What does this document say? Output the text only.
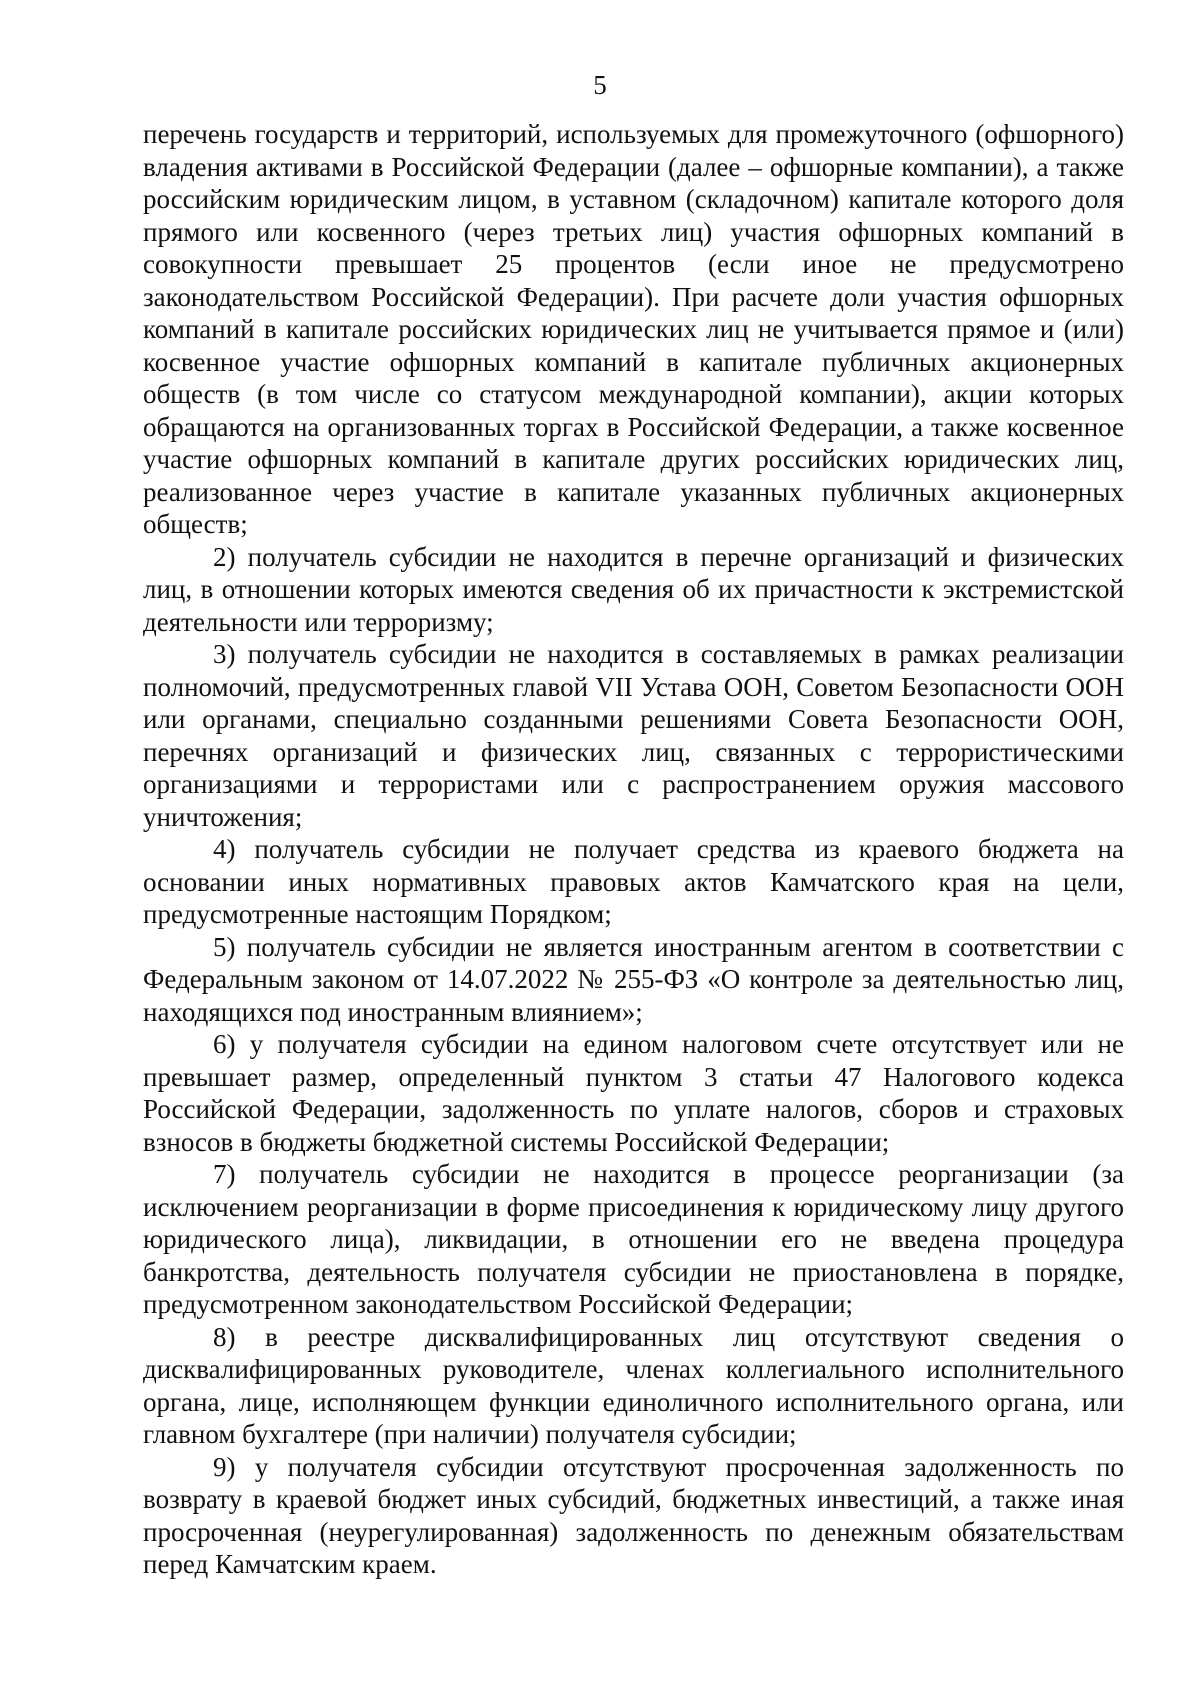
5

перечень государств и территорий, используемых для промежуточного (офшорного) владения активами в Российской Федерации (далее – офшорные компании), а также российским юридическим лицом, в уставном (складочном) капитале которого доля прямого или косвенного (через третьих лиц) участия офшорных компаний в совокупности превышает 25 процентов (если иное не предусмотрено законодательством Российской Федерации). При расчете доли участия офшорных компаний в капитале российских юридических лиц не учитывается прямое и (или) косвенное участие офшорных компаний в капитале публичных акционерных обществ (в том числе со статусом международной компании), акции которых обращаются на организованных торгах в Российской Федерации, а также косвенное участие офшорных компаний в капитале других российских юридических лиц, реализованное через участие в капитале указанных публичных акционерных обществ;

2) получатель субсидии не находится в перечне организаций и физических лиц, в отношении которых имеются сведения об их причастности к экстремистской деятельности или терроризму;

3) получатель субсидии не находится в составляемых в рамках реализации полномочий, предусмотренных главой VII Устава ООН, Советом Безопасности ООН или органами, специально созданными решениями Совета Безопасности ООН, перечнях организаций и физических лиц, связанных с террористическими организациями и террористами или с распространением оружия массового уничтожения;

4) получатель субсидии не получает средства из краевого бюджета на основании иных нормативных правовых актов Камчатского края на цели, предусмотренные настоящим Порядком;

5) получатель субсидии не является иностранным агентом в соответствии с Федеральным законом от 14.07.2022 № 255-ФЗ «О контроле за деятельностью лиц, находящихся под иностранным влиянием»;

6) у получателя субсидии на едином налоговом счете отсутствует или не превышает размер, определенный пунктом 3 статьи 47 Налогового кодекса Российской Федерации, задолженность по уплате налогов, сборов и страховых взносов в бюджеты бюджетной системы Российской Федерации;

7) получатель субсидии не находится в процессе реорганизации (за исключением реорганизации в форме присоединения к юридическому лицу другого юридического лица), ликвидации, в отношении его не введена процедура банкротства, деятельность получателя субсидии не приостановлена в порядке, предусмотренном законодательством Российской Федерации;

8) в реестре дисквалифицированных лиц отсутствуют сведения о дисквалифицированных руководителе, членах коллегиального исполнительного органа, лице, исполняющем функции единоличного исполнительного органа, или главном бухгалтере (при наличии) получателя субсидии;

9) у получателя субсидии отсутствуют просроченная задолженность по возврату в краевой бюджет иных субсидий, бюджетных инвестиций, а также иная просроченная (неурегулированная) задолженность по денежным обязательствам перед Камчатским краем.
